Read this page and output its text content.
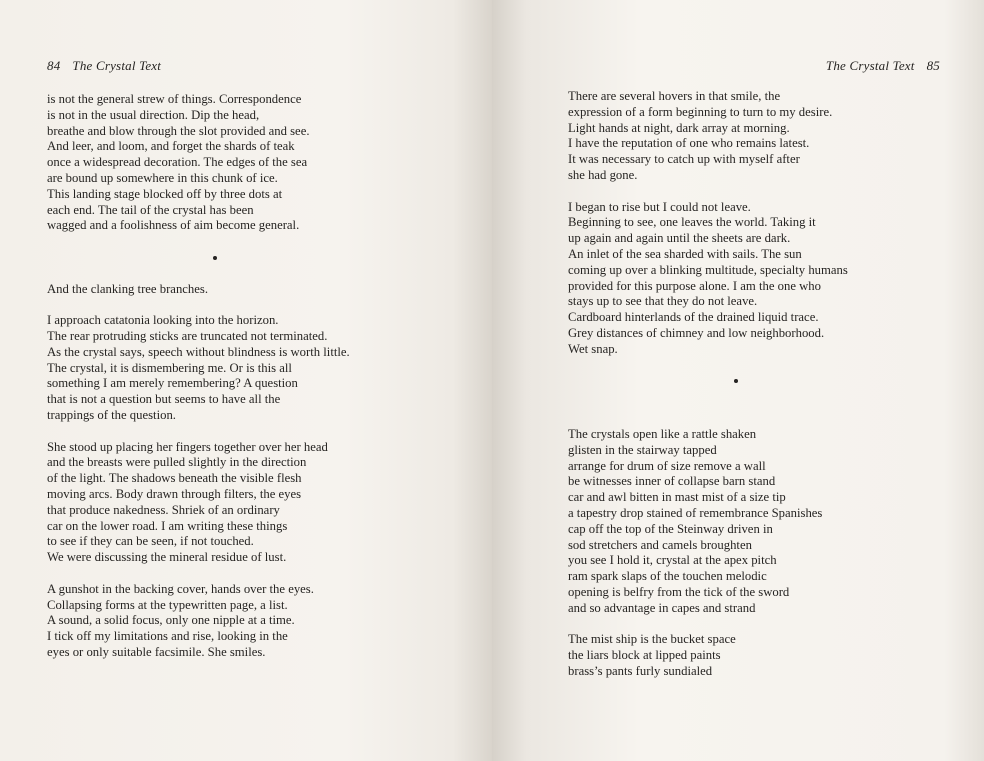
84 The Crystal Text
is not the general strew of things. Correspondence
is not in the usual direction. Dip the head,
breathe and blow through the slot provided and see.
And leer, and loom, and forget the shards of teak
once a widespread decoration. The edges of the sea
are bound up somewhere in this chunk of ice.
This landing stage blocked off by three dots at
each end. The tail of the crystal has been
wagged and a foolishness of aim become general.
And the clanking tree branches.
I approach catatonia looking into the horizon.
The rear protruding sticks are truncated not terminated.
As the crystal says, speech without blindness is worth little.
The crystal, it is dismembering me. Or is this all
something I am merely remembering? A question
that is not a question but seems to have all the
trappings of the question.
She stood up placing her fingers together over her head
and the breasts were pulled slightly in the direction
of the light. The shadows beneath the visible flesh
moving arcs. Body drawn through filters, the eyes
that produce nakedness. Shriek of an ordinary
car on the lower road. I am writing these things
to see if they can be seen, if not touched.
We were discussing the mineral residue of lust.
A gunshot in the backing cover, hands over the eyes.
Collapsing forms at the typewritten page, a list.
A sound, a solid focus, only one nipple at a time.
I tick off my limitations and rise, looking in the
eyes or only suitable facsimile. She smiles.
The Crystal Text 85
There are several hovers in that smile, the
expression of a form beginning to turn to my desire.
Light hands at night, dark array at morning.
I have the reputation of one who remains latest.
It was necessary to catch up with myself after
she had gone.
I began to rise but I could not leave.
Beginning to see, one leaves the world. Taking it
up again and again until the sheets are dark.
An inlet of the sea sharded with sails. The sun
coming up over a blinking multitude, specialty humans
provided for this purpose alone. I am the one who
stays up to see that they do not leave.
Cardboard hinterlands of the drained liquid trace.
Grey distances of chimney and low neighborhood.
Wet snap.
The crystals open like a rattle shaken
glisten in the stairway tapped
arrange for drum of size remove a wall
be witnesses inner of collapse barn stand
car and awl bitten in mast mist of a size tip
a tapestry drop stained of remembrance Spanishes
cap off the top of the Steinway driven in
sod stretchers and camels broughten
you see I hold it, crystal at the apex pitch
ram spark slaps of the touchen melodic
opening is belfry from the tick of the sword
and so advantage in capes and strand
The mist ship is the bucket space
the liars block at lipped paints
brass’s pants furly sundialed
